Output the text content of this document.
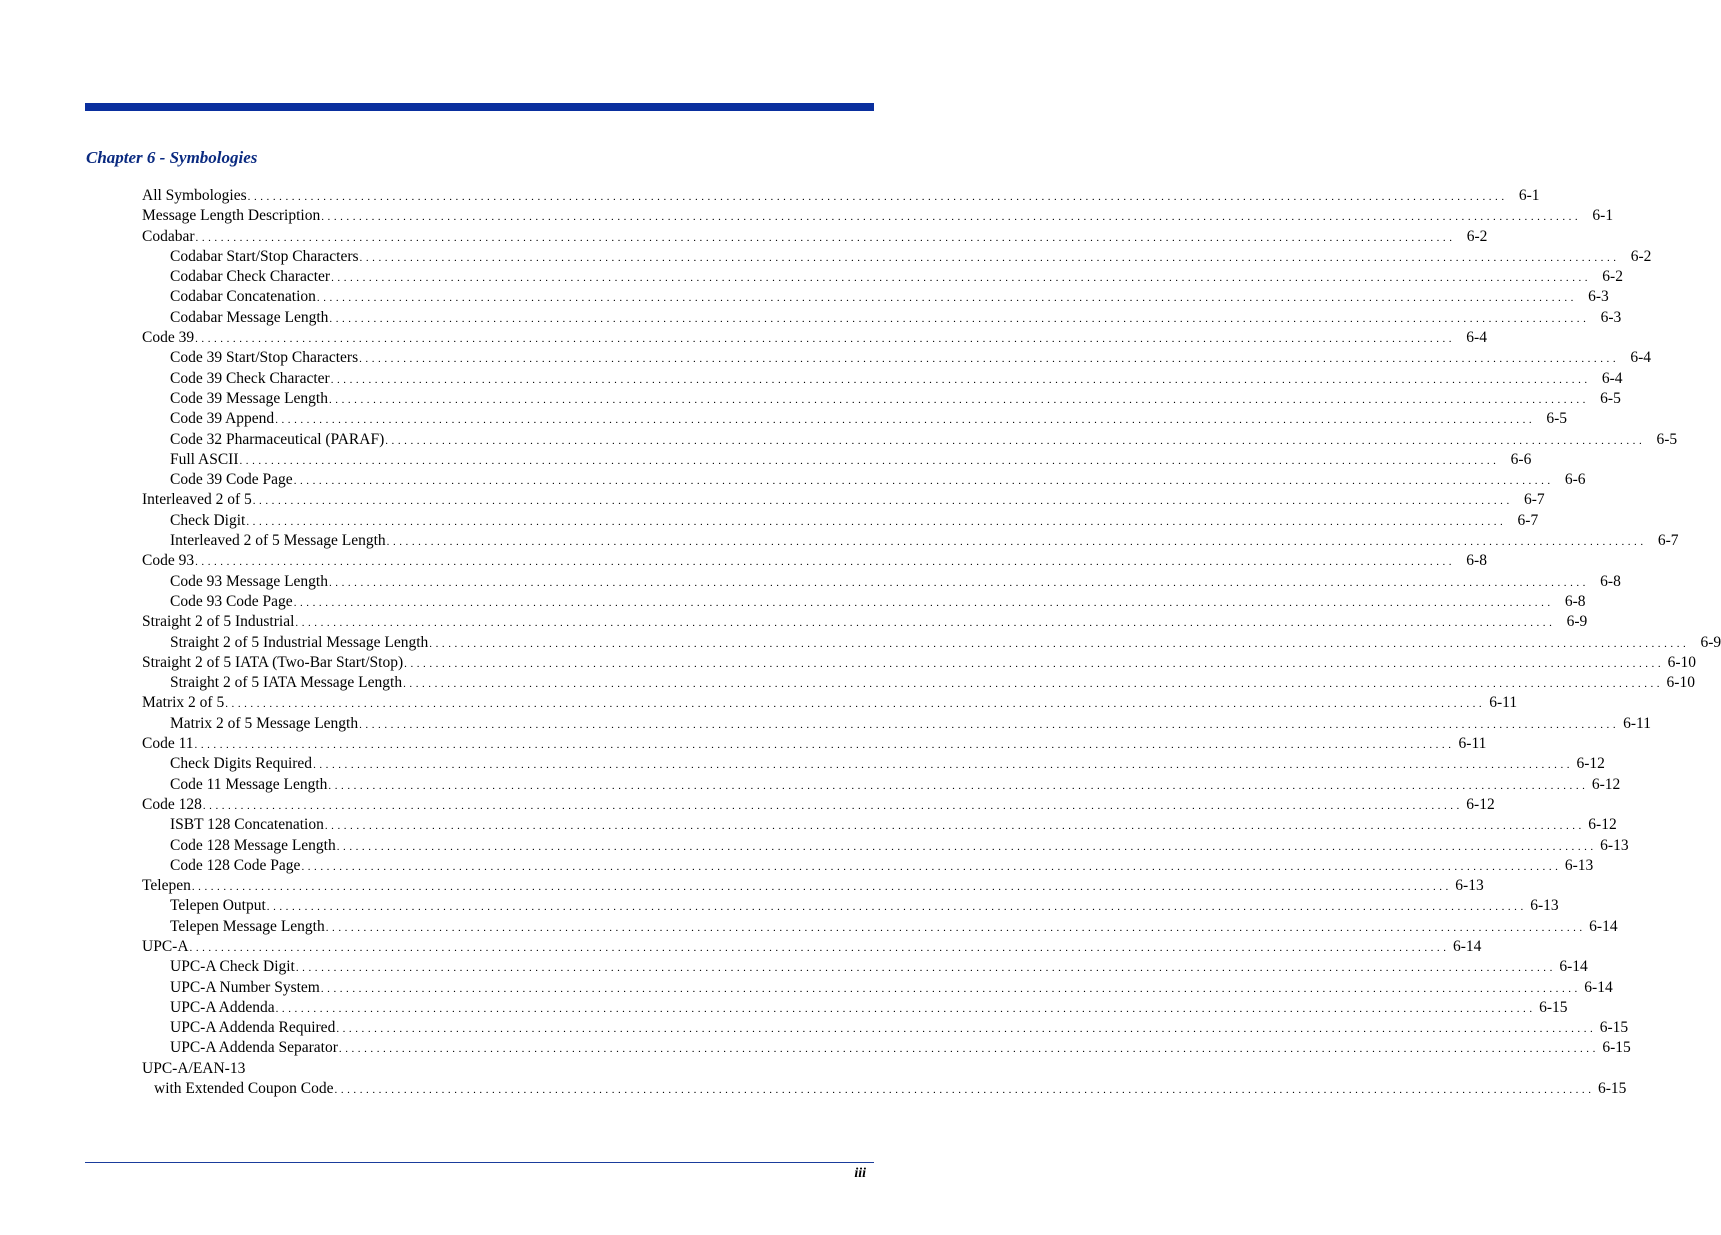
Chapter 6 - Symbologies
All Symbologies . . . . . . . . . . . . . . . . . . . . . . . . . . . . . . . . . . . . . . . . . . . . . . . . . . . . . . . . . . . . . . . . . . . . . . . . . . . . . . . . . . . . . . . . . . . . . . . . . . . . . . . . . . . . . . . . . . . . . . . . . . . . . . . . . . . . . . . . . . . . . . . . . . . . . . . . . . . . . . . . . . . . . . . . . . . . . . . . . . . . . . . . . . . . . . . . . . . . . . . . 6-1
Message Length Description . . . . . . . . . . . . . . . . . . . . . . . . . . . . . . . . . . . . . . . . . . . . . . . . . . . . . . . . . . . . . . . . . . . . . . . . . . . . . . . . . . . . . . . . . . . . . . . . . . . . . . . . . . . . . . . . . . . . . . . . . . . . . . . . . . . . . . . . . . . . . . . . . . . . . . . . . . . . . . . . . . . . . . . . . . . . . . . . . . . . . . . . . . . . . . . . . . . . . . . . 6-1
Codabar . . . . . . . . . . . . . . . . . . . . . . . . . . . . . . . . . . . . . . . . . . . . . . . . . . . . . . . . . . . . . . . . . . . . . . . . . . . . . . . . . . . . . . . . . . . . . . . . . . . . . . . . . . . . . . . . . . . . . . . . . . . . . . . . . . . . . . . . . . . . . . . . . . . . . . . . . . . . . . . . . . . . . . . . . . . . . . . . . . . . . . . . . . . . . . . . . . . . . . . . 6-2
Codabar Start/Stop Characters . . . . . . . . . . . . . . . . . . . . . . . . . . . . . . . . . . . . . . . . . . . . . . . . . . . . . . . . . . . . . . . . . . . . . . . . . . . . . . . . . . . . . . . . . . . . . . . . . . . . . . . . . . . . . . . . . . . . . . . . . . . . . . . . . . . . . . . . . . . . . . . . . . . . . . . . . . . . . . . . . . . . . . . . . . . . . . . . . . . . . . . . . . . . . . . . . . . . . . . . 6-2
Codabar Check Character . . . . . . . . . . . . . . . . . . . . . . . . . . . . . . . . . . . . . . . . . . . . . . . . . . . . . . . . . . . . . . . . . . . . . . . . . . . . . . . . . . . . . . . . . . . . . . . . . . . . . . . . . . . . . . . . . . . . . . . . . . . . . . . . . . . . . . . . . . . . . . . . . . . . . . . . . . . . . . . . . . . . . . . . . . . . . . . . . . . . . . . . . . . . . . . . . . . . . . . . 6-2
Codabar Concatenation . . . . . . . . . . . . . . . . . . . . . . . . . . . . . . . . . . . . . . . . . . . . . . . . . . . . . . . . . . . . . . . . . . . . . . . . . . . . . . . . . . . . . . . . . . . . . . . . . . . . . . . . . . . . . . . . . . . . . . . . . . . . . . . . . . . . . . . . . . . . . . . . . . . . . . . . . . . . . . . . . . . . . . . . . . . . . . . . . . . . . . . . . . . . . . . . . . . . . . . . 6-3
Codabar Message Length . . . . . . . . . . . . . . . . . . . . . . . . . . . . . . . . . . . . . . . . . . . . . . . . . . . . . . . . . . . . . . . . . . . . . . . . . . . . . . . . . . . . . . . . . . . . . . . . . . . . . . . . . . . . . . . . . . . . . . . . . . . . . . . . . . . . . . . . . . . . . . . . . . . . . . . . . . . . . . . . . . . . . . . . . . . . . . . . . . . . . . . . . . . . . . . . . . . . . . . . 6-3
Code 39 . . . . . . . . . . . . . . . . . . . . . . . . . . . . . . . . . . . . . . . . . . . . . . . . . . . . . . . . . . . . . . . . . . . . . . . . . . . . . . . . . . . . . . . . . . . . . . . . . . . . . . . . . . . . . . . . . . . . . . . . . . . . . . . . . . . . . . . . . . . . . . . . . . . . . . . . . . . . . . . . . . . . . . . . . . . . . . . . . . . . . . . . . . . . . . . . . . . . . . . . 6-4
Code 39 Start/Stop Characters . . . . . . . . . . . . . . . . . . . . . . . . . . . . . . . . . . . . . . . . . . . . . . . . . . . . . . . . . . . . . . . . . . . . . . . . . . . . . . . . . . . . . . . . . . . . . . . . . . . . . . . . . . . . . . . . . . . . . . . . . . . . . . . . . . . . . . . . . . . . . . . . . . . . . . . . . . . . . . . . . . . . . . . . . . . . . . . . . . . . . . . . . . . . . . . . . . . . . . . . 6-4
Code 39 Check Character . . . . . . . . . . . . . . . . . . . . . . . . . . . . . . . . . . . . . . . . . . . . . . . . . . . . . . . . . . . . . . . . . . . . . . . . . . . . . . . . . . . . . . . . . . . . . . . . . . . . . . . . . . . . . . . . . . . . . . . . . . . . . . . . . . . . . . . . . . . . . . . . . . . . . . . . . . . . . . . . . . . . . . . . . . . . . . . . . . . . . . . . . . . . . . . . . . . . . . . . 6-4
Code 39 Message Length . . . . . . . . . . . . . . . . . . . . . . . . . . . . . . . . . . . . . . . . . . . . . . . . . . . . . . . . . . . . . . . . . . . . . . . . . . . . . . . . . . . . . . . . . . . . . . . . . . . . . . . . . . . . . . . . . . . . . . . . . . . . . . . . . . . . . . . . . . . . . . . . . . . . . . . . . . . . . . . . . . . . . . . . . . . . . . . . . . . . . . . . . . . . . . . . . . . . . . . . 6-5
Code 39 Append . . . . . . . . . . . . . . . . . . . . . . . . . . . . . . . . . . . . . . . . . . . . . . . . . . . . . . . . . . . . . . . . . . . . . . . . . . . . . . . . . . . . . . . . . . . . . . . . . . . . . . . . . . . . . . . . . . . . . . . . . . . . . . . . . . . . . . . . . . . . . . . . . . . . . . . . . . . . . . . . . . . . . . . . . . . . . . . . . . . . . . . . . . . . . . . . . . . . . . . . 6-5
Code 32 Pharmaceutical (PARAF) . . . . . . . . . . . . . . . . . . . . . . . . . . . . . . . . . . . . . . . . . . . . . . . . . . . . . . . . . . . . . . . . . . . . . . . . . . . . . . . . . . . . . . . . . . . . . . . . . . . . . . . . . . . . . . . . . . . . . . . . . . . . . . . . . . . . . . . . . . . . . . . . . . . . . . . . . . . . . . . . . . . . . . . . . . . . . . . . . . . . . . . . . . . . . . . . . . . . . . . . 6-5
Full ASCII . . . . . . . . . . . . . . . . . . . . . . . . . . . . . . . . . . . . . . . . . . . . . . . . . . . . . . . . . . . . . . . . . . . . . . . . . . . . . . . . . . . . . . . . . . . . . . . . . . . . . . . . . . . . . . . . . . . . . . . . . . . . . . . . . . . . . . . . . . . . . . . . . . . . . . . . . . . . . . . . . . . . . . . . . . . . . . . . . . . . . . . . . . . . . . . . . . . . . . . . 6-6
Code 39 Code Page . . . . . . . . . . . . . . . . . . . . . . . . . . . . . . . . . . . . . . . . . . . . . . . . . . . . . . . . . . . . . . . . . . . . . . . . . . . . . . . . . . . . . . . . . . . . . . . . . . . . . . . . . . . . . . . . . . . . . . . . . . . . . . . . . . . . . . . . . . . . . . . . . . . . . . . . . . . . . . . . . . . . . . . . . . . . . . . . . . . . . . . . . . . . . . . . . . . . . . . . 6-6
Interleaved 2 of 5 . . . . . . . . . . . . . . . . . . . . . . . . . . . . . . . . . . . . . . . . . . . . . . . . . . . . . . . . . . . . . . . . . . . . . . . . . . . . . . . . . . . . . . . . . . . . . . . . . . . . . . . . . . . . . . . . . . . . . . . . . . . . . . . . . . . . . . . . . . . . . . . . . . . . . . . . . . . . . . . . . . . . . . . . . . . . . . . . . . . . . . . . . . . . . . . . . . . . . . . . 6-7
Check Digit . . . . . . . . . . . . . . . . . . . . . . . . . . . . . . . . . . . . . . . . . . . . . . . . . . . . . . . . . . . . . . . . . . . . . . . . . . . . . . . . . . . . . . . . . . . . . . . . . . . . . . . . . . . . . . . . . . . . . . . . . . . . . . . . . . . . . . . . . . . . . . . . . . . . . . . . . . . . . . . . . . . . . . . . . . . . . . . . . . . . . . . . . . . . . . . . . . . . . . . . 6-7
Interleaved 2 of 5 Message Length . . . . . . . . . . . . . . . . . . . . . . . . . . . . . . . . . . . . . . . . . . . . . . . . . . . . . . . . . . . . . . . . . . . . . . . . . . . . . . . . . . . . . . . . . . . . . . . . . . . . . . . . . . . . . . . . . . . . . . . . . . . . . . . . . . . . . . . . . . . . . . . . . . . . . . . . . . . . . . . . . . . . . . . . . . . . . . . . . . . . . . . . . . . . . . . . . . . . . . . . 6-7
Code 93 . . . . . . . . . . . . . . . . . . . . . . . . . . . . . . . . . . . . . . . . . . . . . . . . . . . . . . . . . . . . . . . . . . . . . . . . . . . . . . . . . . . . . . . . . . . . . . . . . . . . . . . . . . . . . . . . . . . . . . . . . . . . . . . . . . . . . . . . . . . . . . . . . . . . . . . . . . . . . . . . . . . . . . . . . . . . . . . . . . . . . . . . . . . . . . . . . . . . . . . . 6-8
Code 93 Message Length . . . . . . . . . . . . . . . . . . . . . . . . . . . . . . . . . . . . . . . . . . . . . . . . . . . . . . . . . . . . . . . . . . . . . . . . . . . . . . . . . . . . . . . . . . . . . . . . . . . . . . . . . . . . . . . . . . . . . . . . . . . . . . . . . . . . . . . . . . . . . . . . . . . . . . . . . . . . . . . . . . . . . . . . . . . . . . . . . . . . . . . . . . . . . . . . . . . . . . . . 6-8
Code 93 Code Page . . . . . . . . . . . . . . . . . . . . . . . . . . . . . . . . . . . . . . . . . . . . . . . . . . . . . . . . . . . . . . . . . . . . . . . . . . . . . . . . . . . . . . . . . . . . . . . . . . . . . . . . . . . . . . . . . . . . . . . . . . . . . . . . . . . . . . . . . . . . . . . . . . . . . . . . . . . . . . . . . . . . . . . . . . . . . . . . . . . . . . . . . . . . . . . . . . . . . . . . 6-8
Straight 2 of 5 Industrial . . . . . . . . . . . . . . . . . . . . . . . . . . . . . . . . . . . . . . . . . . . . . . . . . . . . . . . . . . . . . . . . . . . . . . . . . . . . . . . . . . . . . . . . . . . . . . . . . . . . . . . . . . . . . . . . . . . . . . . . . . . . . . . . . . . . . . . . . . . . . . . . . . . . . . . . . . . . . . . . . . . . . . . . . . . . . . . . . . . . . . . . . . . . . . . . . . . . . . . . 6-9
Straight 2 of 5 Industrial Message Length . . . . . . . . . . . . . . . . . . . . . . . . . . . . . . . . . . . . . . . . . . . . . . . . . . . . . . . . . . . . . . . . . . . . . . . . . . . . . . . . . . . . . . . . . . . . . . . . . . . . . . . . . . . . . . . . . . . . . . . . . . . . . . . . . . . . . . . . . . . . . . . . . . . . . . . . . . . . . . . . . . . . . . . . . . . . . . . . . . . . . . . . . . . . . . . . . . . . . . . . 6-9
Straight 2 of 5 IATA (Two-Bar Start/Stop) . . . . . . . . . . . . . . . . . . . . . . . . . . . . . . . . . . . . . . . . . . . . . . . . . . . . . . . . . . . . . . . . . . . . . . . . . . . . . . . . . . . . . . . . . . . . . . . . . . . . . . . . . . . . . . . . . . . . . . . . . . . . . . . . . . . . . . . . . . . . . . . . . . . . . . . . . . . . . . . . . . . . . . . . . . . . . . . . . . . . . . . . . . . . . . . . . . . . . . . . 6-10
Straight 2 of 5 IATA Message Length . . . . . . . . . . . . . . . . . . . . . . . . . . . . . . . . . . . . . . . . . . . . . . . . . . . . . . . . . . . . . . . . . . . . . . . . . . . . . . . . . . . . . . . . . . . . . . . . . . . . . . . . . . . . . . . . . . . . . . . . . . . . . . . . . . . . . . . . . . . . . . . . . . . . . . . . . . . . . . . . . . . . . . . . . . . . . . . . . . . . . . . . . . . . . . . . . . . . . . . . 6-10
Matrix 2 of 5 . . . . . . . . . . . . . . . . . . . . . . . . . . . . . . . . . . . . . . . . . . . . . . . . . . . . . . . . . . . . . . . . . . . . . . . . . . . . . . . . . . . . . . . . . . . . . . . . . . . . . . . . . . . . . . . . . . . . . . . . . . . . . . . . . . . . . . . . . . . . . . . . . . . . . . . . . . . . . . . . . . . . . . . . . . . . . . . . . . . . . . . . . . . . . . . . . . . . . . . . 6-11
Matrix 2 of 5 Message Length . . . . . . . . . . . . . . . . . . . . . . . . . . . . . . . . . . . . . . . . . . . . . . . . . . . . . . . . . . . . . . . . . . . . . . . . . . . . . . . . . . . . . . . . . . . . . . . . . . . . . . . . . . . . . . . . . . . . . . . . . . . . . . . . . . . . . . . . . . . . . . . . . . . . . . . . . . . . . . . . . . . . . . . . . . . . . . . . . . . . . . . . . . . . . . . . . . . . . . . . 6-11
Code 11 . . . . . . . . . . . . . . . . . . . . . . . . . . . . . . . . . . . . . . . . . . . . . . . . . . . . . . . . . . . . . . . . . . . . . . . . . . . . . . . . . . . . . . . . . . . . . . . . . . . . . . . . . . . . . . . . . . . . . . . . . . . . . . . . . . . . . . . . . . . . . . . . . . . . . . . . . . . . . . . . . . . . . . . . . . . . . . . . . . . . . . . . . . . . . . . . . . . . . . . . 6-11
Check Digits Required . . . . . . . . . . . . . . . . . . . . . . . . . . . . . . . . . . . . . . . . . . . . . . . . . . . . . . . . . . . . . . . . . . . . . . . . . . . . . . . . . . . . . . . . . . . . . . . . . . . . . . . . . . . . . . . . . . . . . . . . . . . . . . . . . . . . . . . . . . . . . . . . . . . . . . . . . . . . . . . . . . . . . . . . . . . . . . . . . . . . . . . . . . . . . . . . . . . . . . . . 6-12
Code 11 Message Length . . . . . . . . . . . . . . . . . . . . . . . . . . . . . . . . . . . . . . . . . . . . . . . . . . . . . . . . . . . . . . . . . . . . . . . . . . . . . . . . . . . . . . . . . . . . . . . . . . . . . . . . . . . . . . . . . . . . . . . . . . . . . . . . . . . . . . . . . . . . . . . . . . . . . . . . . . . . . . . . . . . . . . . . . . . . . . . . . . . . . . . . . . . . . . . . . . . . . . . . 6-12
Code 128 . . . . . . . . . . . . . . . . . . . . . . . . . . . . . . . . . . . . . . . . . . . . . . . . . . . . . . . . . . . . . . . . . . . . . . . . . . . . . . . . . . . . . . . . . . . . . . . . . . . . . . . . . . . . . . . . . . . . . . . . . . . . . . . . . . . . . . . . . . . . . . . . . . . . . . . . . . . . . . . . . . . . . . . . . . . . . . . . . . . . . . . . . . . . . . . . . . . . . . . . 6-12
ISBT 128 Concatenation . . . . . . . . . . . . . . . . . . . . . . . . . . . . . . . . . . . . . . . . . . . . . . . . . . . . . . . . . . . . . . . . . . . . . . . . . . . . . . . . . . . . . . . . . . . . . . . . . . . . . . . . . . . . . . . . . . . . . . . . . . . . . . . . . . . . . . . . . . . . . . . . . . . . . . . . . . . . . . . . . . . . . . . . . . . . . . . . . . . . . . . . . . . . . . . . . . . . . . . . 6-12
Code 128 Message Length . . . . . . . . . . . . . . . . . . . . . . . . . . . . . . . . . . . . . . . . . . . . . . . . . . . . . . . . . . . . . . . . . . . . . . . . . . . . . . . . . . . . . . . . . . . . . . . . . . . . . . . . . . . . . . . . . . . . . . . . . . . . . . . . . . . . . . . . . . . . . . . . . . . . . . . . . . . . . . . . . . . . . . . . . . . . . . . . . . . . . . . . . . . . . . . . . . . . . . . . 6-13
Code 128 Code Page . . . . . . . . . . . . . . . . . . . . . . . . . . . . . . . . . . . . . . . . . . . . . . . . . . . . . . . . . . . . . . . . . . . . . . . . . . . . . . . . . . . . . . . . . . . . . . . . . . . . . . . . . . . . . . . . . . . . . . . . . . . . . . . . . . . . . . . . . . . . . . . . . . . . . . . . . . . . . . . . . . . . . . . . . . . . . . . . . . . . . . . . . . . . . . . . . . . . . . . . 6-13
Telepen . . . . . . . . . . . . . . . . . . . . . . . . . . . . . . . . . . . . . . . . . . . . . . . . . . . . . . . . . . . . . . . . . . . . . . . . . . . . . . . . . . . . . . . . . . . . . . . . . . . . . . . . . . . . . . . . . . . . . . . . . . . . . . . . . . . . . . . . . . . . . . . . . . . . . . . . . . . . . . . . . . . . . . . . . . . . . . . . . . . . . . . . . . . . . . . . . . . . . . . . 6-13
Telepen Output . . . . . . . . . . . . . . . . . . . . . . . . . . . . . . . . . . . . . . . . . . . . . . . . . . . . . . . . . . . . . . . . . . . . . . . . . . . . . . . . . . . . . . . . . . . . . . . . . . . . . . . . . . . . . . . . . . . . . . . . . . . . . . . . . . . . . . . . . . . . . . . . . . . . . . . . . . . . . . . . . . . . . . . . . . . . . . . . . . . . . . . . . . . . . . . . . . . . . . . . 6-13
Telepen Message Length . . . . . . . . . . . . . . . . . . . . . . . . . . . . . . . . . . . . . . . . . . . . . . . . . . . . . . . . . . . . . . . . . . . . . . . . . . . . . . . . . . . . . . . . . . . . . . . . . . . . . . . . . . . . . . . . . . . . . . . . . . . . . . . . . . . . . . . . . . . . . . . . . . . . . . . . . . . . . . . . . . . . . . . . . . . . . . . . . . . . . . . . . . . . . . . . . . . . . . . . 6-14
UPC-A . . . . . . . . . . . . . . . . . . . . . . . . . . . . . . . . . . . . . . . . . . . . . . . . . . . . . . . . . . . . . . . . . . . . . . . . . . . . . . . . . . . . . . . . . . . . . . . . . . . . . . . . . . . . . . . . . . . . . . . . . . . . . . . . . . . . . . . . . . . . . . . . . . . . . . . . . . . . . . . . . . . . . . . . . . . . . . . . . . . . . . . . . . . . . . . . . . . . . . . . 6-14
UPC-A Check Digit . . . . . . . . . . . . . . . . . . . . . . . . . . . . . . . . . . . . . . . . . . . . . . . . . . . . . . . . . . . . . . . . . . . . . . . . . . . . . . . . . . . . . . . . . . . . . . . . . . . . . . . . . . . . . . . . . . . . . . . . . . . . . . . . . . . . . . . . . . . . . . . . . . . . . . . . . . . . . . . . . . . . . . . . . . . . . . . . . . . . . . . . . . . . . . . . . . . . . . . . 6-14
UPC-A Number System . . . . . . . . . . . . . . . . . . . . . . . . . . . . . . . . . . . . . . . . . . . . . . . . . . . . . . . . . . . . . . . . . . . . . . . . . . . . . . . . . . . . . . . . . . . . . . . . . . . . . . . . . . . . . . . . . . . . . . . . . . . . . . . . . . . . . . . . . . . . . . . . . . . . . . . . . . . . . . . . . . . . . . . . . . . . . . . . . . . . . . . . . . . . . . . . . . . . . . . . 6-14
UPC-A Addenda . . . . . . . . . . . . . . . . . . . . . . . . . . . . . . . . . . . . . . . . . . . . . . . . . . . . . . . . . . . . . . . . . . . . . . . . . . . . . . . . . . . . . . . . . . . . . . . . . . . . . . . . . . . . . . . . . . . . . . . . . . . . . . . . . . . . . . . . . . . . . . . . . . . . . . . . . . . . . . . . . . . . . . . . . . . . . . . . . . . . . . . . . . . . . . . . . . . . . . . . 6-15
UPC-A Addenda Required . . . . . . . . . . . . . . . . . . . . . . . . . . . . . . . . . . . . . . . . . . . . . . . . . . . . . . . . . . . . . . . . . . . . . . . . . . . . . . . . . . . . . . . . . . . . . . . . . . . . . . . . . . . . . . . . . . . . . . . . . . . . . . . . . . . . . . . . . . . . . . . . . . . . . . . . . . . . . . . . . . . . . . . . . . . . . . . . . . . . . . . . . . . . . . . . . . . . . . . . 6-15
UPC-A Addenda Separator . . . . . . . . . . . . . . . . . . . . . . . . . . . . . . . . . . . . . . . . . . . . . . . . . . . . . . . . . . . . . . . . . . . . . . . . . . . . . . . . . . . . . . . . . . . . . . . . . . . . . . . . . . . . . . . . . . . . . . . . . . . . . . . . . . . . . . . . . . . . . . . . . . . . . . . . . . . . . . . . . . . . . . . . . . . . . . . . . . . . . . . . . . . . . . . . . . . . . . . . 6-15
UPC-A/EAN-13
with Extended Coupon Code . . . . . . . . . . . . . . . . . . . . . . . . . . . . . . . . . . . . . . . . . . . . . . . . . . . . . . . . . . . . . . . . . . . . . . . . . . . . . . . . . . . . . . . . . . . . . . . . . . . . . . . . . . . . . . . . . . . . . . . . . . . . . . . . . . . . . . . . . . . . . . . . . . . . . . . . . . . . . . . . . . . . . . . . . . . . . . . . . . . . . . . . . . . . . . . . . . . . . . . . 6-15
iii
